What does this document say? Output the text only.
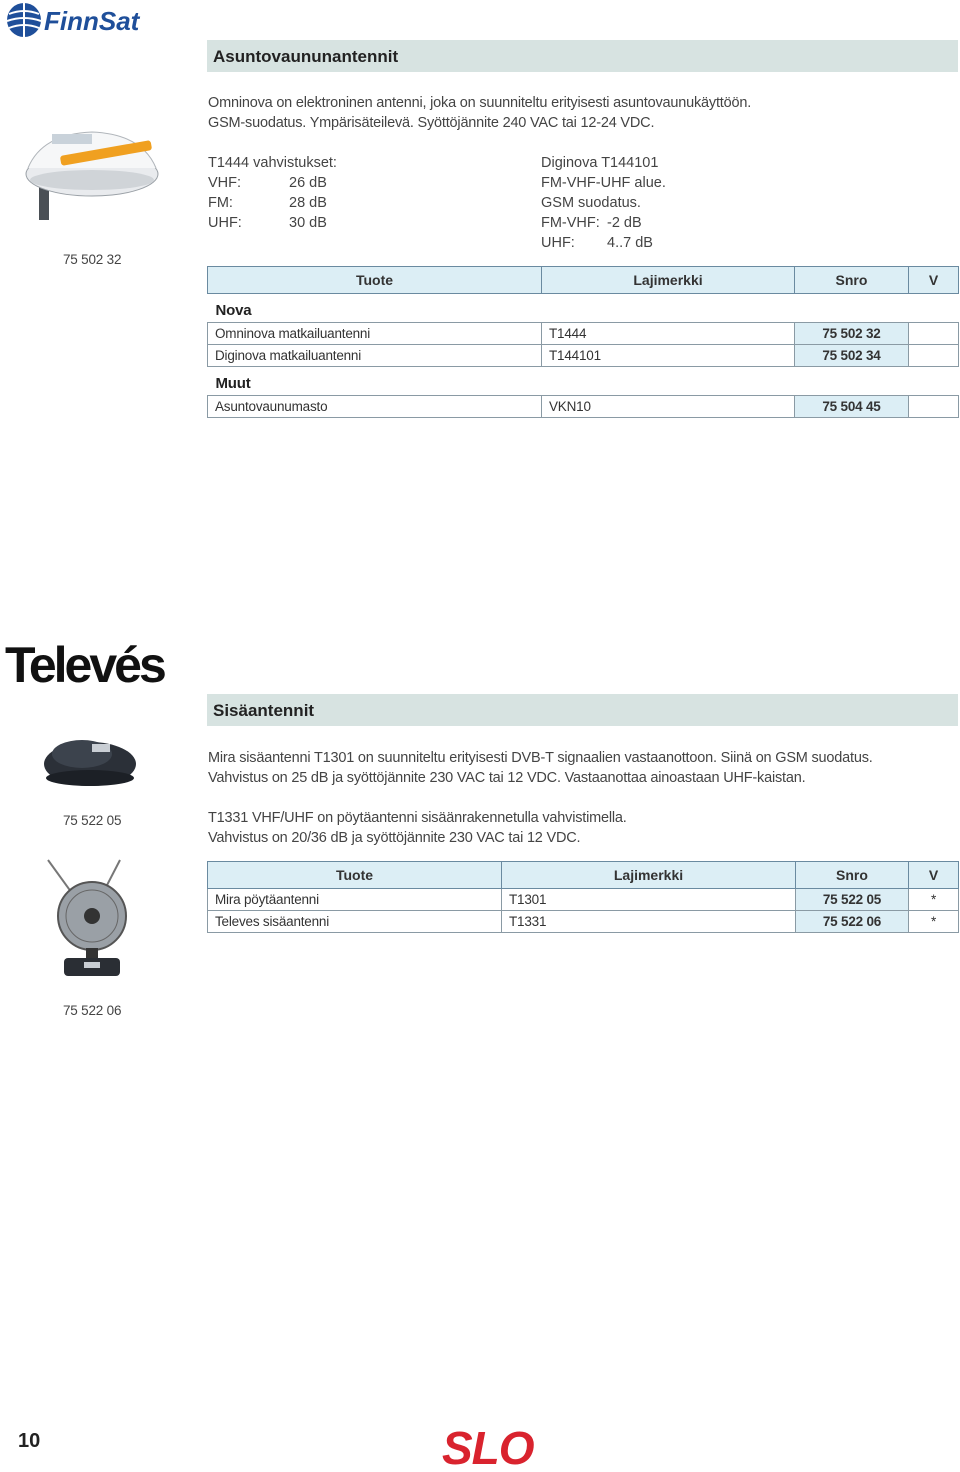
FinnSat
Asuntovaununantennit
75 502 32
Omninova on elektroninen antenni, joka on suunniteltu erityisesti asuntovaunukäyttöön.
GSM-suodatus. Ympärisäteilevä. Syöttöjännite 240 VAC tai 12-24 VDC.
T1444 vahvistukset:
VHF:	26 dB
FM:	28 dB
UHF:	30 dB
Diginova T144101
FM-VHF-UHF alue.
GSM suodatus.
FM-VHF: -2 dB
UHF: 4..7 dB
Tuote	Lajimerkki	Snro	V
Nova			
Omninova matkailuantenni	T1444	75 502 32	
Diginova matkailuantenni	T144101	75 502 34	
Muut			
Asuntovaunumasto	VKN10	75 504 45	
Televés
Sisäantennit
75 522 05
75 522 06
Mira sisäantenni T1301 on suunniteltu erityisesti DVB-T signaalien vastaanottoon. Siinä on GSM suodatus.
Vahvistus on 25 dB ja syöttöjännite 230 VAC tai 12 VDC. Vastaanottaa ainoastaan UHF-kaistan.
T1331 VHF/UHF on pöytäantenni sisäänrakennetulla vahvistimella.
Vahvistus on 20/36 dB ja syöttöjännite 230 VAC tai 12 VDC.
Tuote	Lajimerkki	Snro	V
Mira pöytäantenni	T1301	75 522 05	*
Televes sisäantenni	T1331	75 522 06	*
10	SLO
